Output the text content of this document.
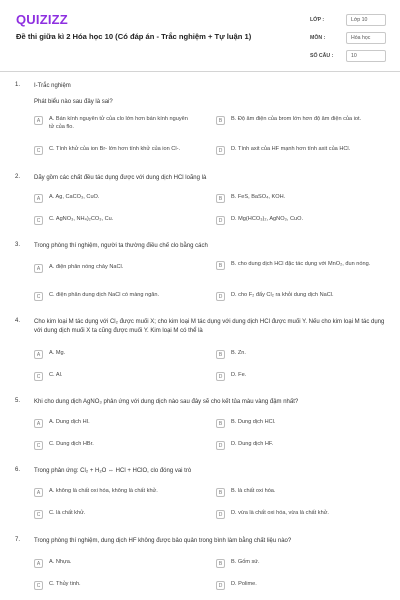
QUIZIZZ
Đề thi giữa kì 2 Hóa học 10 (Có đáp án - Trắc nghiệm + Tự luận 1)
LỚP :	Lớp 10
MÔN :	Hóa học
SỐ CÂU :	10
1. I-Trắc nghiệm
Phát biểu nào sau đây là sai?
A	A. Bán kính nguyên tử của clo lớn hơn bán kính nguyên tử của flo.
B	B. Độ âm điện của brom lớn hơn độ âm điện của iot.
C	C. Tính khử của ion Br- lớn hơn tính khử của ion Cl-.	D	D. Tính axit của HF mạnh hơn tính axit của HCl.
2. Dãy gồm các chất đều tác dụng được với dung dịch HCl loãng là
A	A. Ag, CaCO₃, CuO.	B	B. FeS, BaSO₄, KOH.
C	C. AgNO₃, NH₄)₂CO₃, Cu.	D	D. Mg(HCO₃)₂, AgNO₃, CuO.
3. Trong phòng thí nghiệm, người ta thường điều chế clo bằng cách
A	A. điện phân nóng chảy NaCl.	B	B. cho dung dịch HCl đặc tác dụng với MnO₂, đun nóng.
C	C. điện phân dung dịch NaCl có màng ngăn.	D	D. cho F₂ đẩy Cl₂ ra khỏi dung dịch NaCl.
4. Cho kim loại M tác dụng với Cl₂ được muối X; cho kim loại M tác dụng với dung dịch HCl được muối Y. Nếu cho kim loại M tác dụng với dung dịch muối X ta cũng được muối Y. Kim loại M có thể là
A	A. Mg.	B	B. Zn.
C	C. Al.	D	D. Fe.
5. Khi cho dung dịch AgNO₃ phản ứng với dung dịch nào sau đây sẽ cho kết tủa màu vàng đậm nhất?
A	A. Dung dịch HI.	B	B. Dung dịch HCl.
C	C. Dung dịch HBr.	D	D. Dung dịch HF.
6. Trong phản ứng: Cl₂ + H₂O ⇔ HCl + HClO, clo đóng vai trò
A	A. không là chất oxi hóa, không là chất khử.	B	B. là chất oxi hóa.
C	C. là chất khử.	D	D. vừa là chất oxi hóa, vừa là chất khử.
7. Trong phòng thí nghiệm, dung dịch HF không được bảo quản trong bình làm bằng chất liệu nào?
A	A. Nhựa.	B	B. Gốm sứ.
C	C. Thủy tinh.	D	D. Polime.
